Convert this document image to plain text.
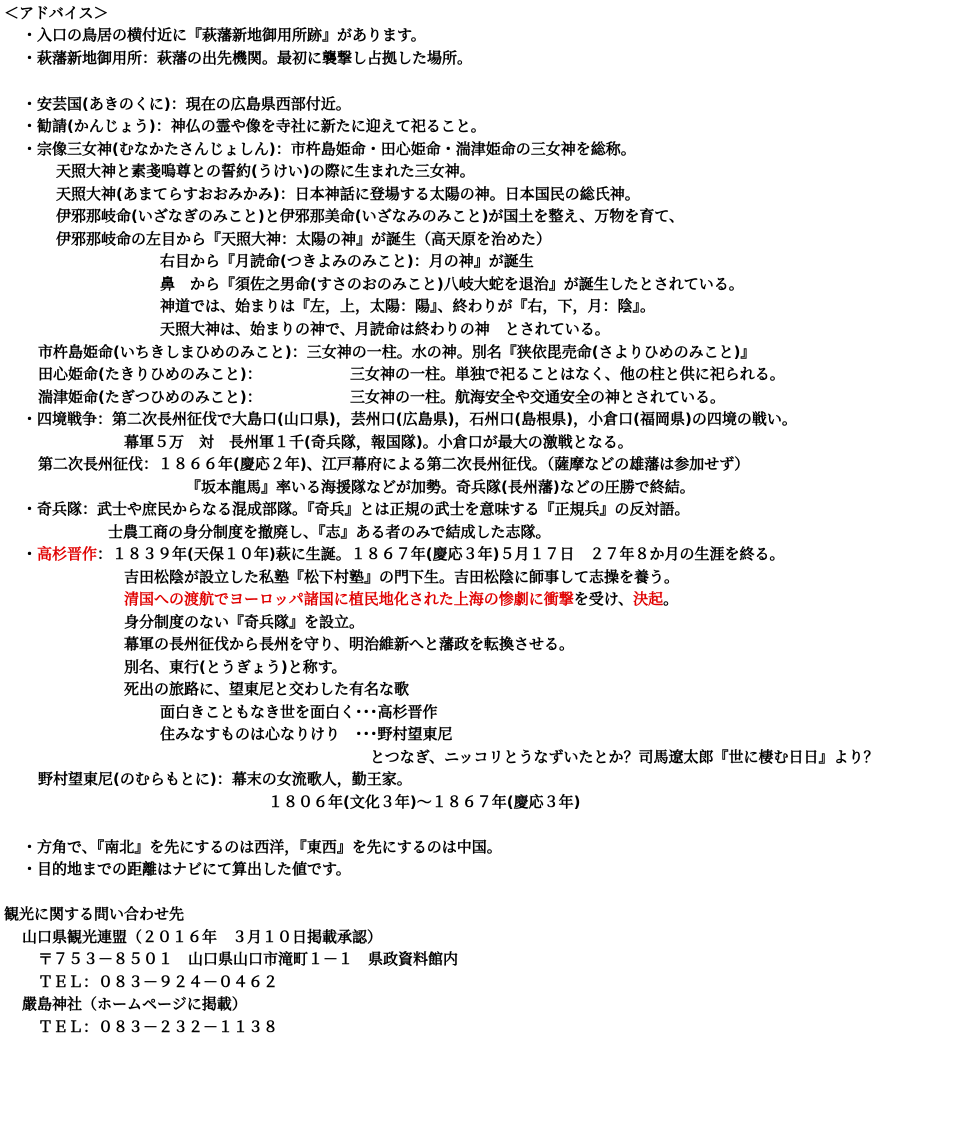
＜アドバイス＞
・入口の鳥居の横付近に『萩藩新地御用所跡』があります。
・萩藩新地御用所：萩藩の出先機関。最初に襲撃し占拠した場所。
・安芸国(あきのくに)：現在の広島県西部付近。
・勧請(かんじょう)：神仏の霊や像を寺社に新たに迎えて祀ること。
・宗像三女神(むなかたさんじょしん)：市杵島姫命・田心姫命・湍津姫命の三女神を総称。
天照大神と素戔嗚尊との誓約(うけい)の際に生まれた三女神。
天照大神(あまてらすおおみかみ)：日本神話に登場する太陽の神。日本国民の総氏神。
伊邪那岐命(いざなぎのみこと)と伊邪那美命(いざなみのみこと)が国土を整え、万物を育て、
伊邪那岐命の左目から『天照大神：太陽の神』が誕生（高天原を治めた）
右目から『月読命(つきよみのみこと)：月の神』が誕生
鼻　から『須佐之男命(すさのおのみこと)八岐大蛇を退治』が誕生したとされている。
神道では、始まりは『左，上，太陽：陽』、終わりが『右，下，月：陰』。
天照大神は、始まりの神で、月読命は終わりの神　とされている。
市杵島姫命(いちきしまひめのみこと)：三女神の一柱。水の神。別名『狭依毘売命(さよりひめのみこと)』
田心姫命(たきりひめのみこと)：	三女神の一柱。単独で祀ることはなく、他の柱と供に祀られる。
湍津姫命(たぎつひめのみこと)：	三女神の一柱。航海安全や交通安全の神とされている。
・四境戦争：第二次長州征伐で大島口(山口県)，芸州口(広島県)，石州口(島根県)，小倉口(福岡県)の四境の戦い。
幕軍５万　対　長州軍１千(奇兵隊，報国隊)。小倉口が最大の激戦となる。
第二次長州征伐：１８６６年(慶応２年)、江戸幕府による第二次長州征伐。（薩摩などの雄藩は参加せず）
『坂本龍馬』率いる海援隊などが加勢。奇兵隊(長州藩)などの圧勝で終結。
・奇兵隊：武士や庶民からなる混成部隊。『奇兵』とは正規の武士を意味する『正規兵』の反対語。
士農工商の身分制度を撤廃し、『志』ある者のみで結成した志隊。
・高杉晋作：１８３９年(天保１０年)萩に生誕。１８６７年(慶応３年)５月１７日　２７年８か月の生涯を終る。
吉田松陰が設立した私塾『松下村塾』の門下生。吉田松陰に師事して志操を養う。
清国への渡航でヨーロッパ諸国に植民地化された上海の惨劇に衝撃を受け、決起。
身分制度のない『奇兵隊』を設立。
幕軍の長州征伐から長州を守り、明治維新へと藩政を転換させる。
別名、東行(とうぎょう)と称す。
死出の旅路に、望東尼と交わした有名な歌
面白きこともなき世を面白く･･･高杉晋作
住みなすものは心なりけり　･･･野村望東尼
とつなぎ、ニッコリとうなずいたとか？司馬遼太郎『世に棲む日日』より？
野村望東尼(のむらもとに)：幕末の女流歌人，勤王家。
１８０６年(文化３年)～１８６７年(慶応３年)
・方角で、『南北』を先にするのは西洋，『東西』を先にするのは中国。
・目的地までの距離はナビにて算出した値です。
観光に関する問い合わせ先
山口県観光連盟（２０１６年　３月１０日掲載承認）
〒７５３－８５０１　山口県山口市滝町１－１　県政資料館内
ＴＥＬ：０８３－９２４－０４６２
嚴島神社（ホームページに掲載）
ＴＥＬ：０８３－２３２－１１３８
